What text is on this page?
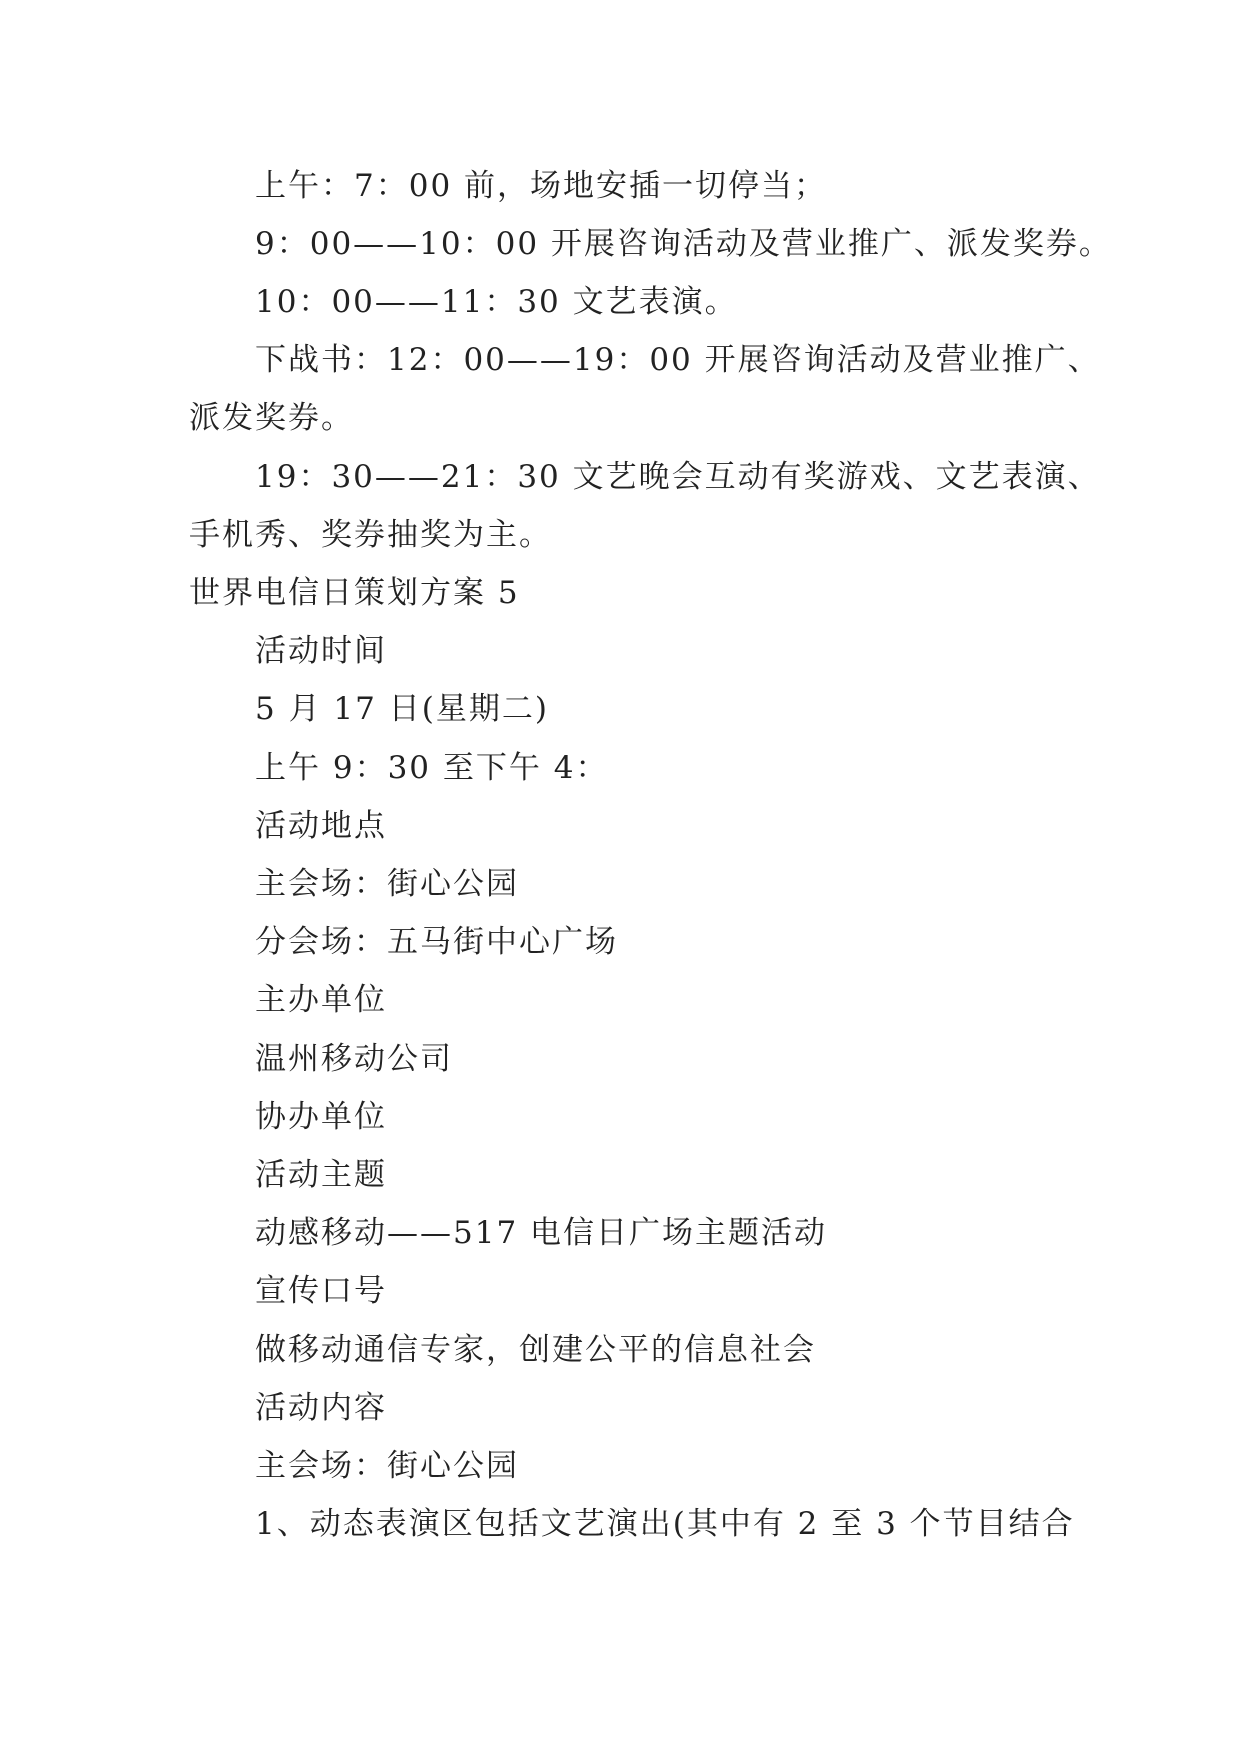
上午：7：00 前，场地安插一切停当；
9：00——10：00 开展咨询活动及营业推广、派发奖券。
10：00——11：30 文艺表演。
下战书：12：00——19：00 开展咨询活动及营业推广、
派发奖券。
19：30——21：30 文艺晚会互动有奖游戏、文艺表演、
手机秀、奖券抽奖为主。
世界电信日策划方案 5
活动时间
5 月 17 日(星期二)
上午 9：30 至下午 4：
活动地点
主会场：街心公园
分会场：五马街中心广场
主办单位
温州移动公司
协办单位
活动主题
动感移动——517 电信日广场主题活动
宣传口号
做移动通信专家，创建公平的信息社会
活动内容
主会场：街心公园
1、动态表演区包括文艺演出(其中有 2 至 3 个节目结合
